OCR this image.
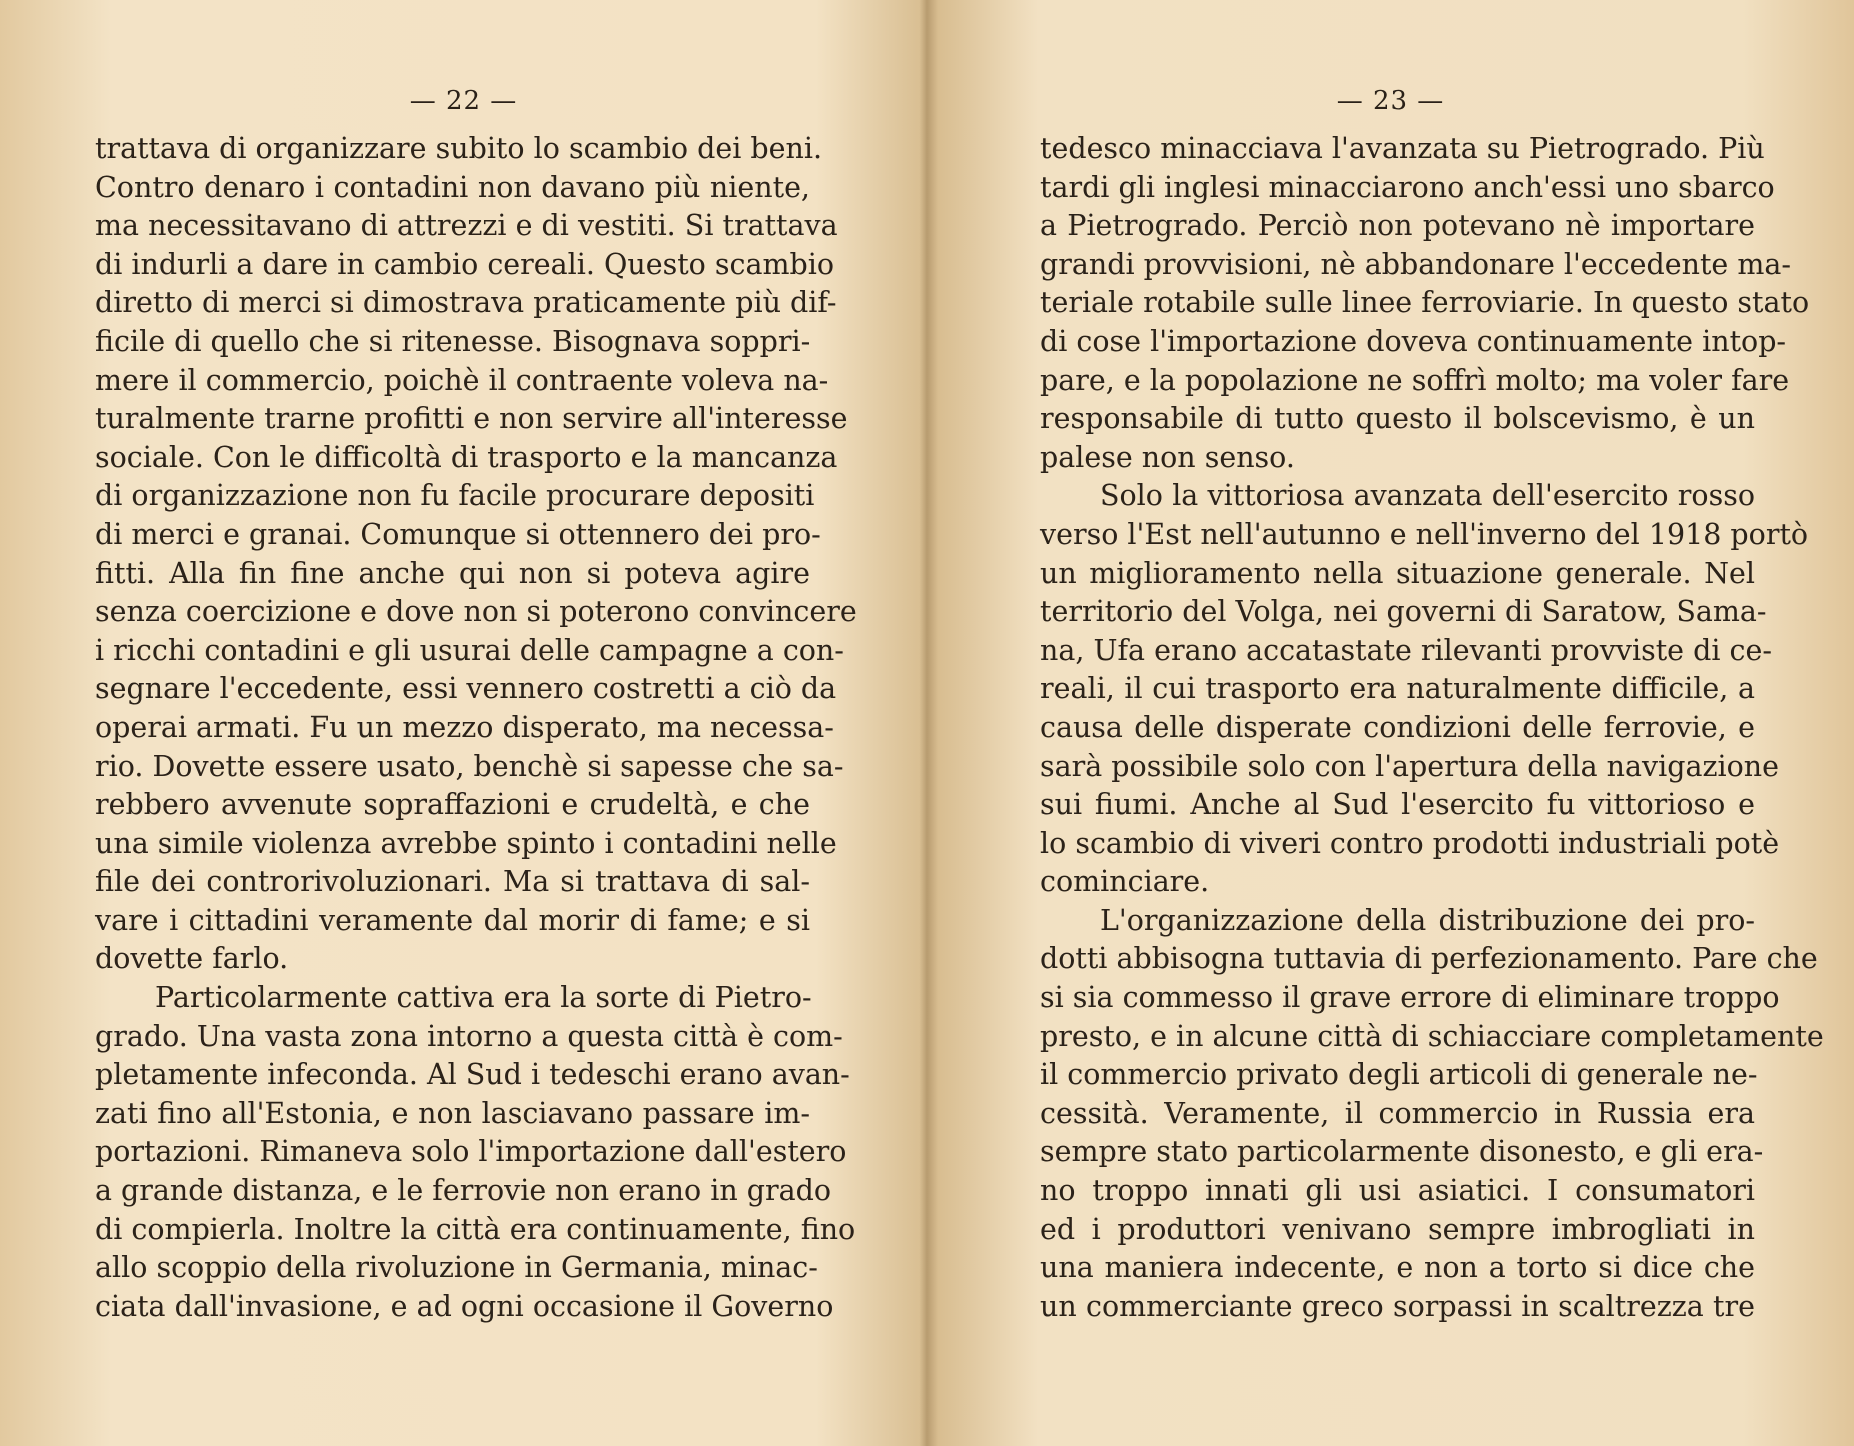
— 22 —
trattava di organizzare subito lo scambio dei beni.
Contro denaro i contadini non davano più niente,
ma necessitavano di attrezzi e di vestiti. Si trattava
di indurli a dare in cambio cereali. Questo scambio
diretto di merci si dimostrava praticamente più dif-
ficile di quello che si ritenesse. Bisognava soppri-
mere il commercio, poichè il contraente voleva na-
turalmente trarne profitti e non servire all'interesse
sociale. Con le difficoltà di trasporto e la mancanza
di organizzazione non fu facile procurare depositi
di merci e granai. Comunque si ottennero dei pro-
fitti. Alla fin fine anche qui non si poteva agire
senza coercizione e dove non si poterono convincere
i ricchi contadini e gli usurai delle campagne a con-
segnare l'eccedente, essi vennero costretti a ciò da
operai armati. Fu un mezzo disperato, ma necessa-
rio. Dovette essere usato, benchè si sapesse che sa-
rebbero avvenute sopraffazioni e crudeltà, e che
una simile violenza avrebbe spinto i contadini nelle
file dei controrivoluzionari. Ma si trattava di sal-
vare i cittadini veramente dal morir di fame; e si
dovette farlo.
Particolarmente cattiva era la sorte di Pietro-
grado. Una vasta zona intorno a questa città è com-
pletamente infeconda. Al Sud i tedeschi erano avan-
zati fino all'Estonia, e non lasciavano passare im-
portazioni. Rimaneva solo l'importazione dall'estero
a grande distanza, e le ferrovie non erano in grado
di compierla. Inoltre la città era continuamente, fino
allo scoppio della rivoluzione in Germania, minac-
ciata dall'invasione, e ad ogni occasione il Governo
— 23 —
tedesco minacciava l'avanzata su Pietrogrado. Più
tardi gli inglesi minacciarono anch'essi uno sbarco
a Pietrogrado. Perciò non potevano nè importare
grandi provvisioni, nè abbandonare l'eccedente ma-
teriale rotabile sulle linee ferroviarie. In questo stato
di cose l'importazione doveva continuamente intop-
pare, e la popolazione ne soffrì molto; ma voler fare
responsabile di tutto questo il bolscevismo, è un
palese non senso.
Solo la vittoriosa avanzata dell'esercito rosso
verso l'Est nell'autunno e nell'inverno del 1918 portò
un miglioramento nella situazione generale. Nel
territorio del Volga, nei governi di Saratow, Sama-
na, Ufa erano accatastate rilevanti provviste di ce-
reali, il cui trasporto era naturalmente difficile, a
causa delle disperate condizioni delle ferrovie, e
sarà possibile solo con l'apertura della navigazione
sui fiumi. Anche al Sud l'esercito fu vittorioso e
lo scambio di viveri contro prodotti industriali potè
cominciare.
L'organizzazione della distribuzione dei pro-
dotti abbisogna tuttavia di perfezionamento. Pare che
si sia commesso il grave errore di eliminare troppo
presto, e in alcune città di schiacciare completamente
il commercio privato degli articoli di generale ne-
cessità. Veramente, il commercio in Russia era
sempre stato particolarmente disonesto, e gli era-
no troppo innati gli usi asiatici. I consumatori
ed i produttori venivano sempre imbrogliati in
una maniera indecente, e non a torto si dice che
un commerciante greco sorpassi in scaltrezza tre
